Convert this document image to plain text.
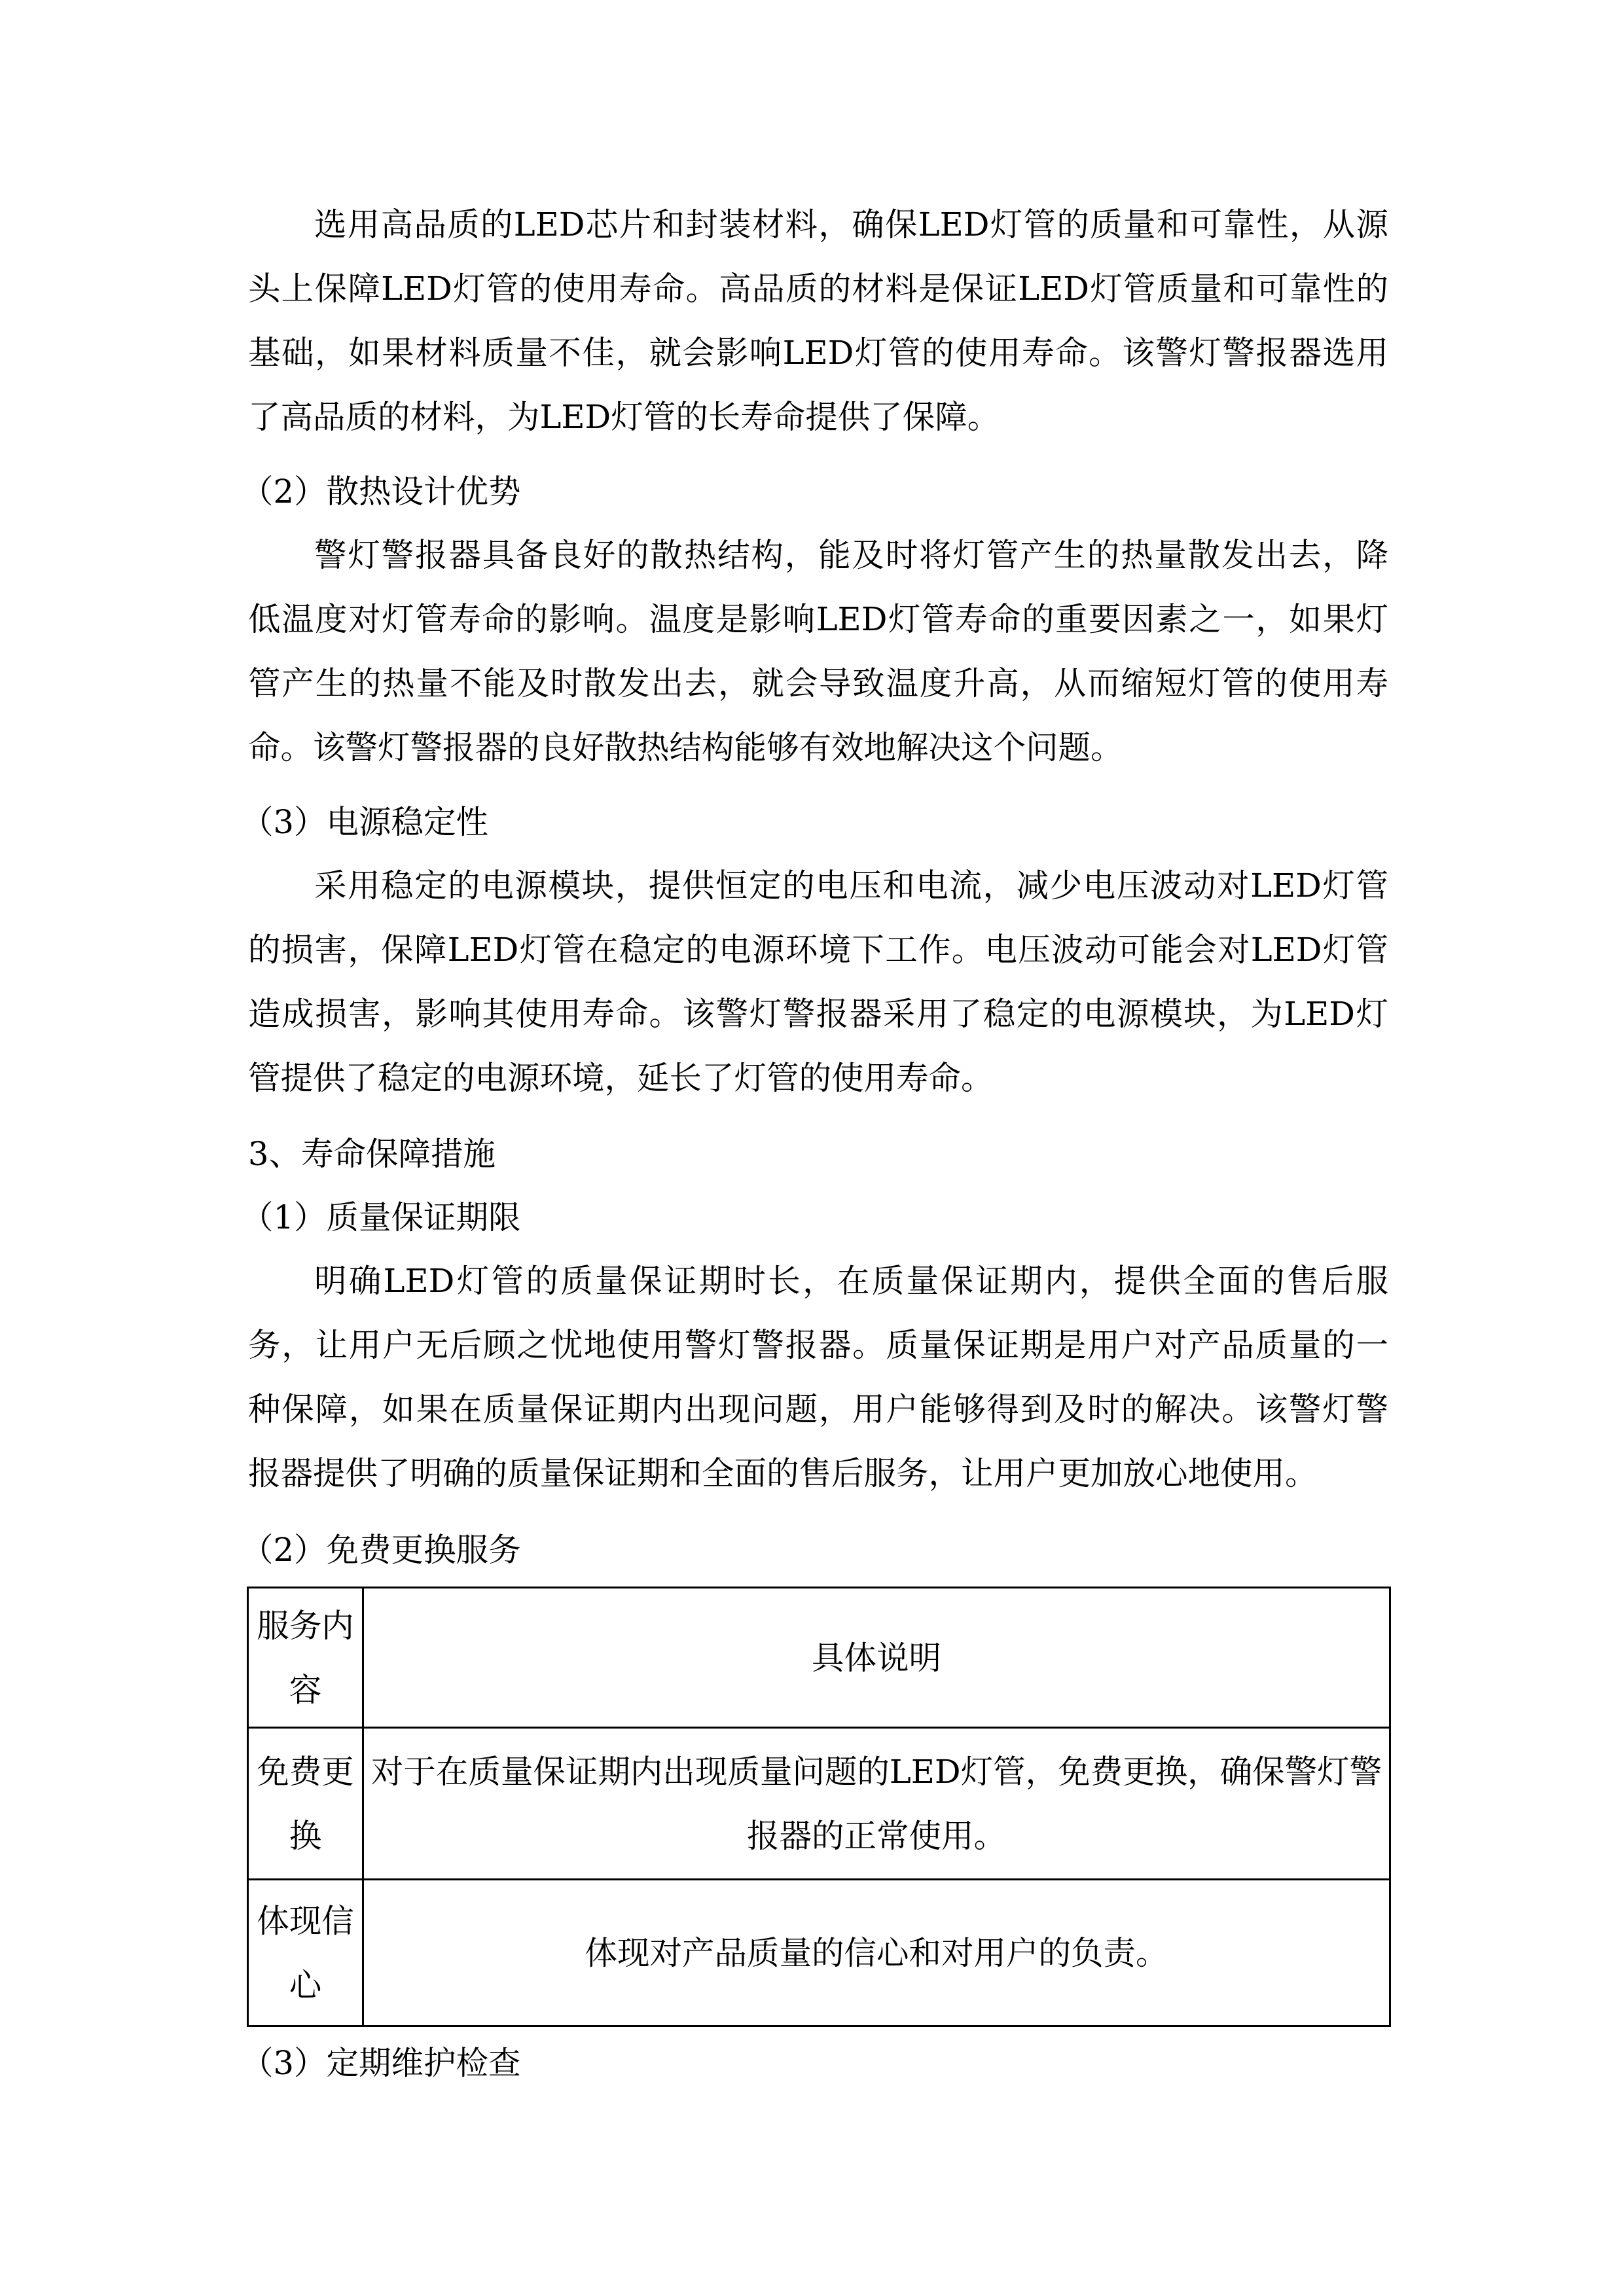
选用高品质的LED芯片和封装材料，确保LED灯管的质量和可靠性，从源
头上保障LED灯管的使用寿命。高品质的材料是保证LED灯管质量和可靠性的
基础，如果材料质量不佳，就会影响LED灯管的使用寿命。该警灯警报器选用
了高品质的材料，为LED灯管的长寿命提供了保障。
（2）散热设计优势
警灯警报器具备良好的散热结构，能及时将灯管产生的热量散发出去，降
低温度对灯管寿命的影响。温度是影响LED灯管寿命的重要因素之一，如果灯
管产生的热量不能及时散发出去，就会导致温度升高，从而缩短灯管的使用寿
命。该警灯警报器的良好散热结构能够有效地解决这个问题。
（3）电源稳定性
采用稳定的电源模块，提供恒定的电压和电流，减少电压波动对LED灯管
的损害，保障LED灯管在稳定的电源环境下工作。电压波动可能会对LED灯管
造成损害，影响其使用寿命。该警灯警报器采用了稳定的电源模块，为LED灯
管提供了稳定的电源环境，延长了灯管的使用寿命。
3、寿命保障措施
（1）质量保证期限
明确LED灯管的质量保证期时长，在质量保证期内，提供全面的售后服
务，让用户无后顾之忧地使用警灯警报器。质量保证期是用户对产品质量的一
种保障，如果在质量保证期内出现问题，用户能够得到及时的解决。该警灯警
报器提供了明确的质量保证期和全面的售后服务，让用户更加放心地使用。
（2）免费更换服务
服务内容	具体说明
免费更换	对于在质量保证期内出现质量问题的LED灯管，免费更换，确保警灯警报器的正常使用。
体现信心	体现对产品质量的信心和对用户的负责。
（3）定期维护检查
